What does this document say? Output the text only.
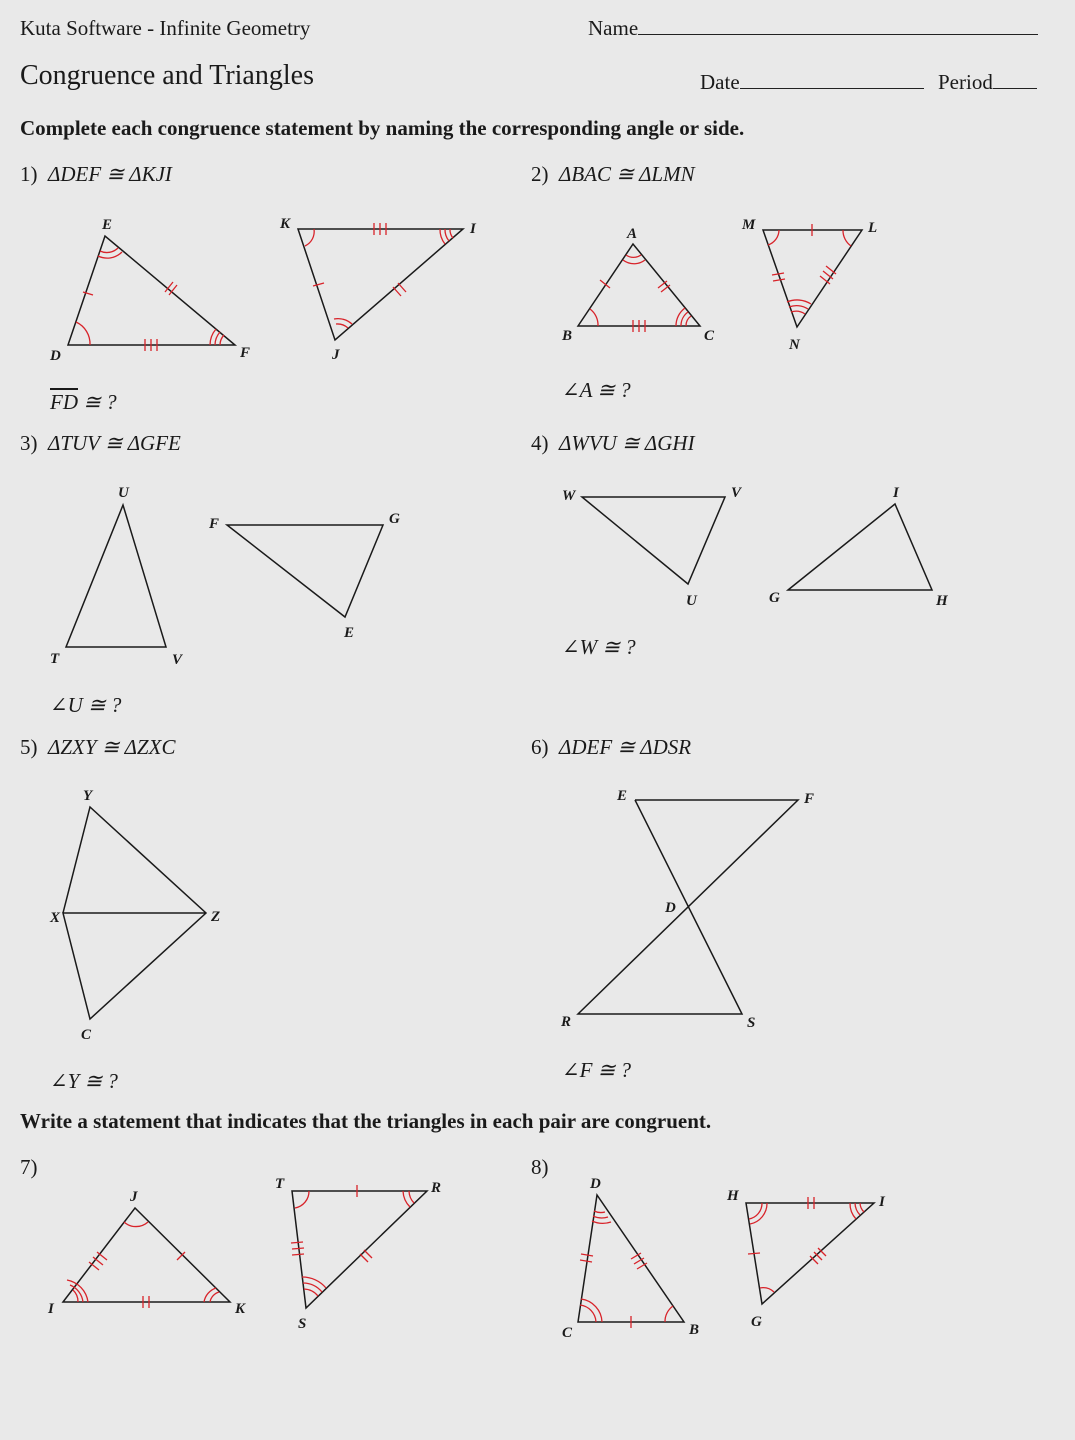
Kuta Software - Infinite Geometry	Name
Congruence and Triangles	Date	Period
Complete each congruence statement by naming the corresponding angle or side.
1) ΔDEF ≅ ΔKJI	2) ΔBAC ≅ ΔLMN
3) ΔTUV ≅ ΔGFE	4) ΔWVU ≅ ΔGHI
5) ΔZXY ≅ ΔZXC	6) ΔDEF ≅ ΔDSR
$\overline{FD}$ ≅ ?	∠A ≅ ?
∠U ≅ ?
∠W ≅ ?
∠Y ≅ ?	∠F ≅ ?
Write a statement that indicates that the triangles in each pair are congruent.
7)	8)
E
D	F
K	I
J
A
B	C
M	L
N
U
T	V
F	G
E
W	V
U
I
G	H
Y
X	Z
C
E	F
D
R	S
J
I	K
T	R
S
D
C	B
H	I
G
